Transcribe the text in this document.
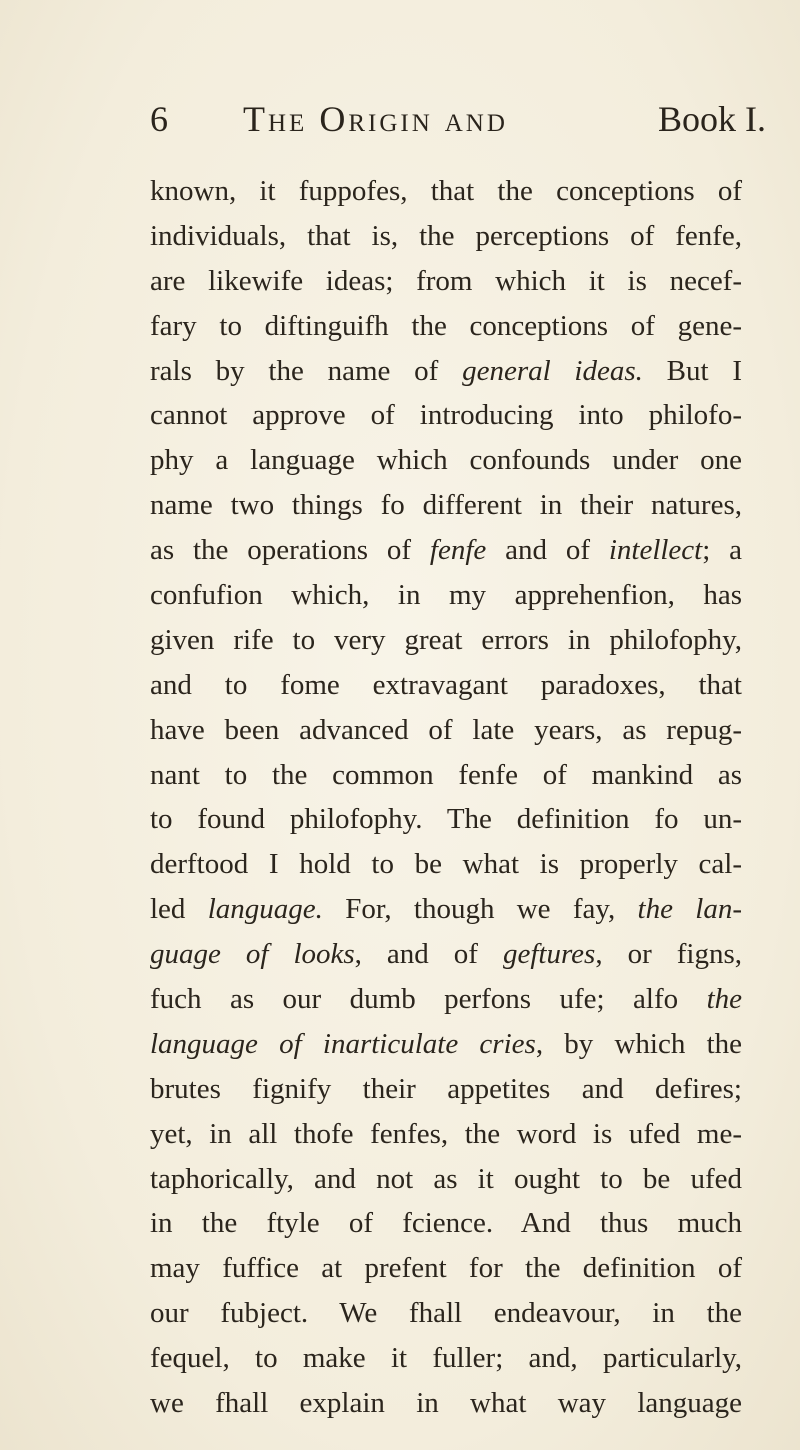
6 The Origin and	Book I.
known, it fuppofes, that the conceptions of
individuals, that is, the perceptions of fenfe,
are likewife ideas; from which it is necef-
fary to diftinguifh the conceptions of gene-
rals by the name of general ideas. But I
cannot approve of introducing into philofo-
phy a language which confounds under one
name two things fo different in their natures,
as the operations of fenfe and of intellect; a
confufion which, in my apprehenfion, has
given rife to very great errors in philofophy,
and to fome extravagant paradoxes, that
have been advanced of late years, as repug-
nant to the common fenfe of mankind as
to found philofophy. The definition fo un-
derftood I hold to be what is properly cal-
led language. For, though we fay, the lan-
guage of looks, and of geftures, or figns,
fuch as our dumb perfons ufe; alfo the
language of inarticulate cries, by which the
brutes fignify their appetites and defires;
yet, in all thofe fenfes, the word is ufed me-
taphorically, and not as it ought to be ufed
in the ftyle of fcience. And thus much
may fuffice at prefent for the definition of
our fubject. We fhall endeavour, in the
fequel, to make it fuller; and, particularly,
we fhall explain in what way language
